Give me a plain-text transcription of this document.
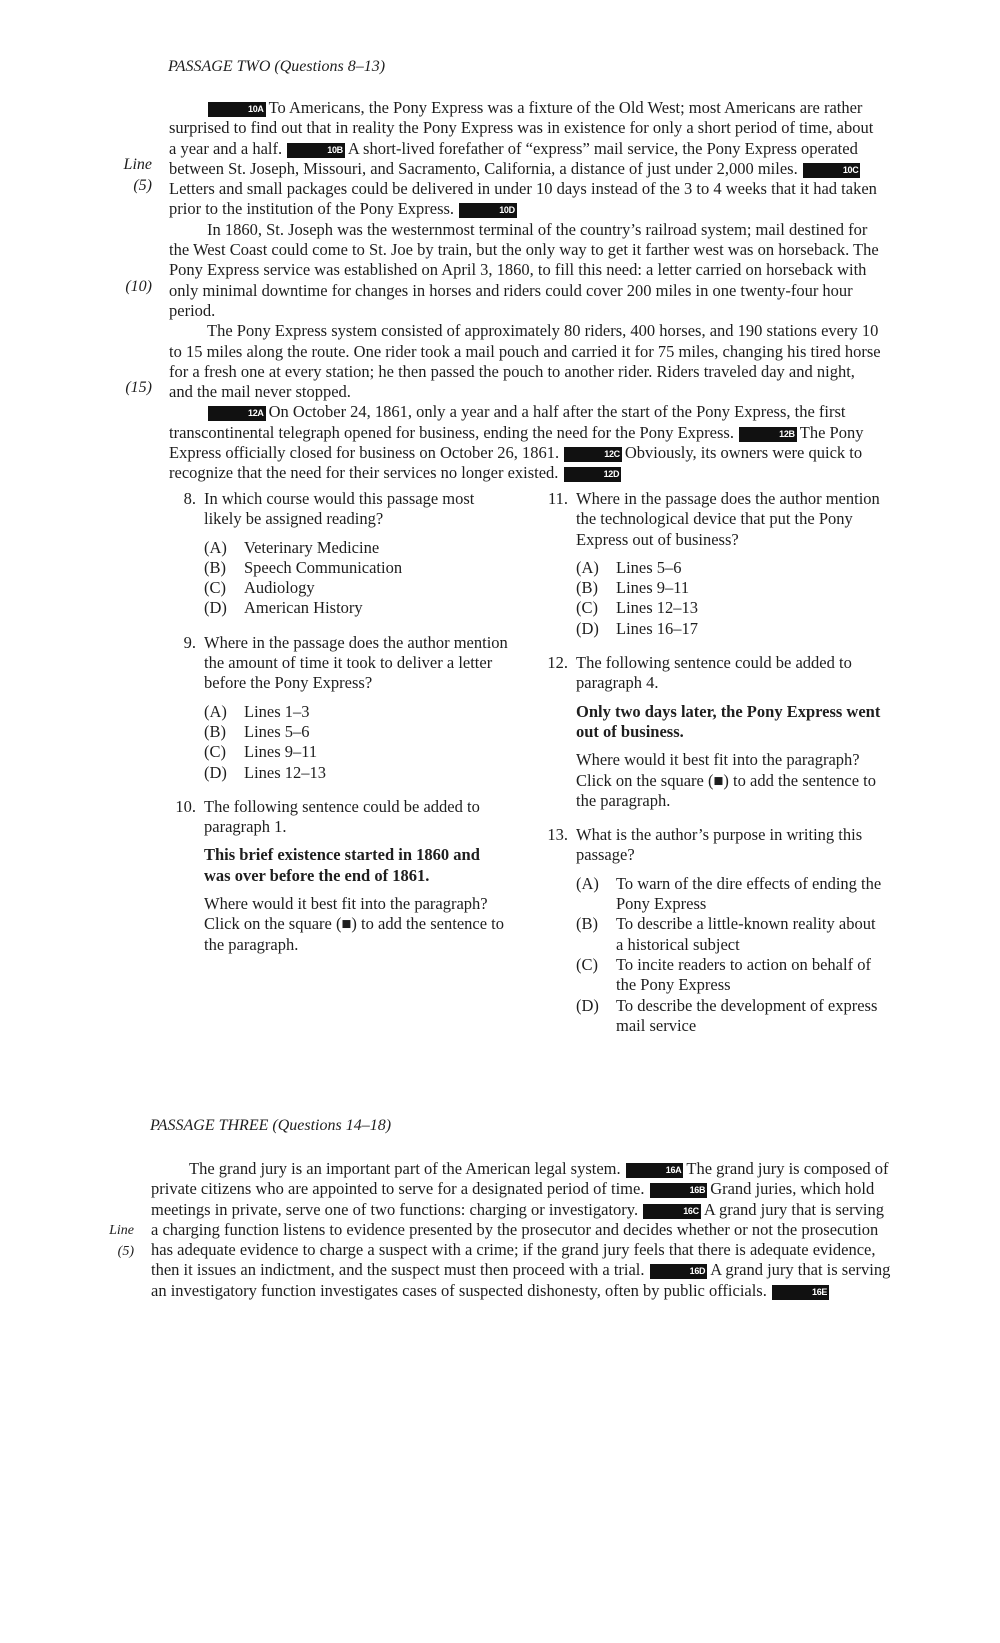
PASSAGE TWO (Questions 8–13)
Line
(5)
(10)
(15)

10A To Americans, the Pony Express was a fixture of the Old West; most Americans are rather surprised to find out that in reality the Pony Express was in existence for only a short period of time, about a year and a half.	10B A short-lived forefather of “express” mail service, the Pony Express operated between St. Joseph, Missouri, and Sacramento, California, a distance of just under 2,000 miles.	10CLetters and small packages could be delivered in under 10 days instead of the 3 to 4 weeks that it had taken prior to the institution of the Pony Express.	10D

In 1860, St. Joseph was the westernmost terminal of the country’s railroad system; mail destined for the West Coast could come to St. Joe by train, but the only way to get it farther west was on horseback. The Pony Express service was established on April 3, 1860, to fill this need: a letter carried on horseback with only minimal downtime for changes in horses and riders could cover 200 miles in one twenty-four hour period.

The Pony Express system consisted of approximately 80 riders, 400 horses, and 190 stations every 10 to 15 miles along the route. One rider took a mail pouch and carried it for 75 miles, changing his tired horse for a fresh one at every station; he then passed the pouch to another rider. Riders traveled day and night, and the mail never stopped.

12A On October 24, 1861, only a year and a half after the start of the Pony Express, the first transcontinental telegraph opened for business, ending the need for the Pony Express.	12B The Pony Express officially closed for business on October 26, 1861.	12C Obviously, its owners were quick to recognize that the need for their services no longer existed.	12D

8. In which course would this passage most likely be assigned reading?
(A) Veterinary Medicine
(B) Speech Communication
(C) Audiology
(D) American History
9. Where in the passage does the author mention the amount of time it took to deliver a letter before the Pony Express?
(A) Lines 1–3
(B) Lines 5–6
(C) Lines 9–11
(D) Lines 12–13
10. The following sentence could be added to paragraph 1.
This brief existence started in 1860 and was over before the end of 1861.
Where would it best fit into the paragraph? Click on the square (■) to add the sentence to the paragraph.
11. Where in the passage does the author mention the technological device that put the Pony Express out of business?
(A) Lines 5–6
(B) Lines 9–11
(C) Lines 12–13
(D) Lines 16–17
12. The following sentence could be added to paragraph 4.
Only two days later, the Pony Express went out of business.
Where would it best fit into the paragraph? Click on the square (■) to add the sentence to the paragraph.
13. What is the author’s purpose in writing this passage?
(A) To warn of the dire effects of ending the Pony Express
(B) To describe a little-known reality about a historical subject
(C) To incite readers to action on behalf of the Pony Express
(D) To describe the development of express mail service
PASSAGE THREE (Questions 14–18)
Line
(5)

The grand jury is an important part of the American legal system.	16A The grand jury is composed of private citizens who are appointed to serve for a designated period of time.	16B Grand juries, which hold meetings in private, serve one of two functions: charging or investigatory.	16C A grand jury that is serving a charging function listens to evidence presented by the prosecutor and decides whether or not the prosecution has adequate evidence to charge a suspect with a crime; if the grand jury feels that there is adequate evidence, then it issues an indictment, and the suspect must then proceed with a trial.	16D A grand jury that is serving an investigatory function investigates cases of suspected dishonesty, often by public officials.	16E
